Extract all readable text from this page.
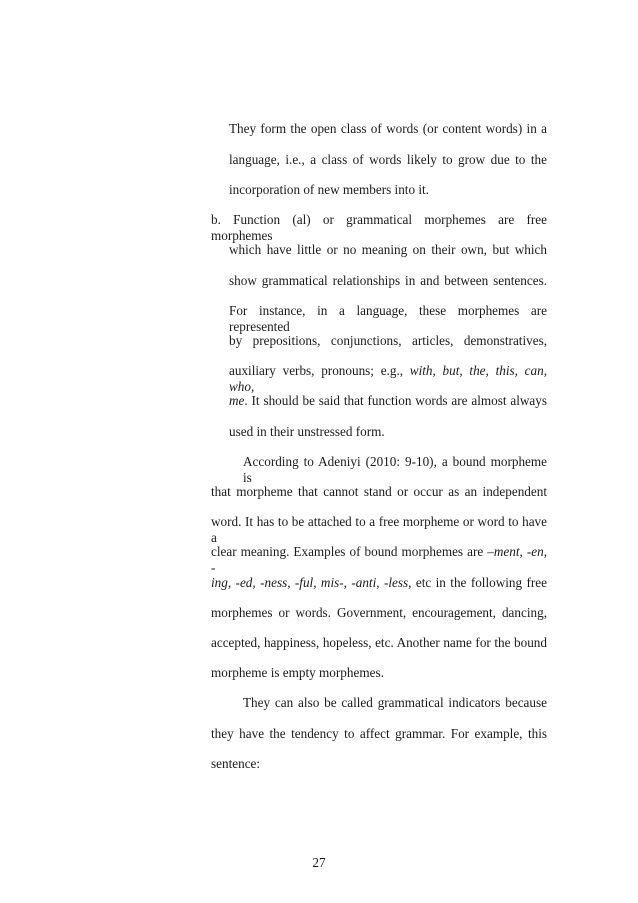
They form the open class of words (or content words) in a
language, i.e., a class of words likely to grow due to the
incorporation of new members into it.
b. Function (al) or grammatical morphemes are free morphemes
which have little or no meaning on their own, but which
show grammatical relationships in and between sentences.
For instance, in a language, these morphemes are represented
by prepositions, conjunctions, articles, demonstratives,
auxiliary verbs, pronouns; e.g., with, but, the, this, can, who,
me. It should be said that function words are almost always
used in their unstressed form.
According to Adeniyi (2010: 9-10), a bound morpheme is
that morpheme that cannot stand or occur as an independent
word. It has to be attached to a free morpheme or word to have a
clear meaning. Examples of bound morphemes are –ment, -en, -
ing, -ed, -ness, -ful, mis-, -anti, -less, etc in the following free
morphemes or words. Government, encouragement, dancing,
accepted, happiness, hopeless, etc. Another name for the bound
morpheme is empty morphemes.
They can also be called grammatical indicators because
they have the tendency to affect grammar. For example, this
sentence:
27
